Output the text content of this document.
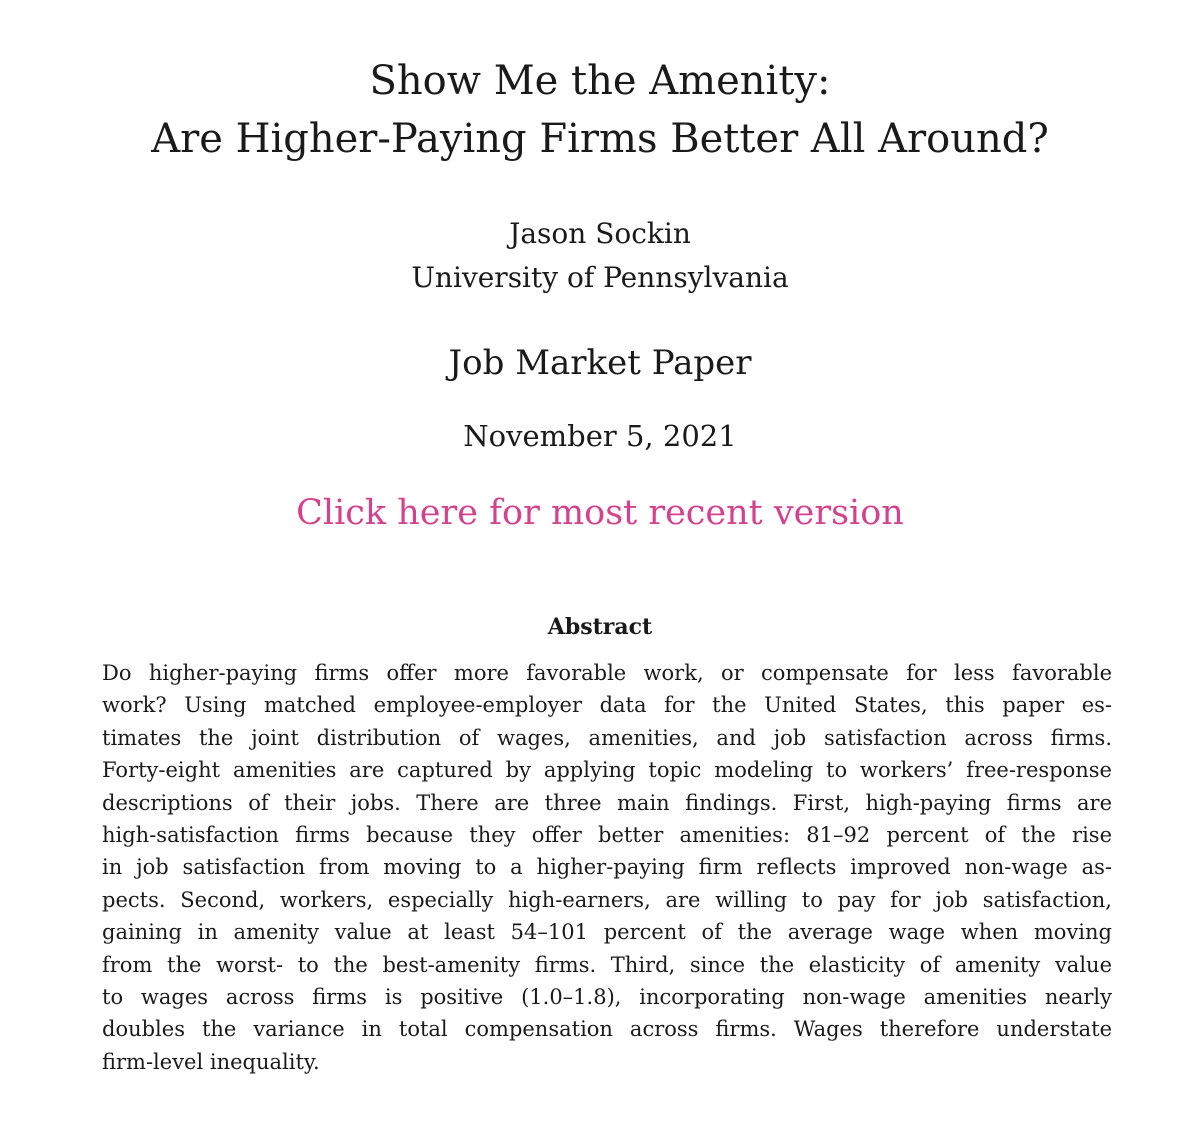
Show Me the Amenity:
Are Higher-Paying Firms Better All Around?
Jason Sockin
University of Pennsylvania
Job Market Paper
November 5, 2021
Click here for most recent version
Abstract
Do higher-paying firms offer more favorable work, or compensate for less favorable
work? Using matched employee-employer data for the United States, this paper es-
timates the joint distribution of wages, amenities, and job satisfaction across firms.
Forty-eight amenities are captured by applying topic modeling to workers’ free-response
descriptions of their jobs. There are three main findings. First, high-paying firms are
high-satisfaction firms because they offer better amenities: 81–92 percent of the rise
in job satisfaction from moving to a higher-paying firm reflects improved non-wage as-
pects. Second, workers, especially high-earners, are willing to pay for job satisfaction,
gaining in amenity value at least 54–101 percent of the average wage when moving
from the worst- to the best-amenity firms. Third, since the elasticity of amenity value
to wages across firms is positive (1.0–1.8), incorporating non-wage amenities nearly
doubles the variance in total compensation across firms. Wages therefore understate
firm-level inequality.
